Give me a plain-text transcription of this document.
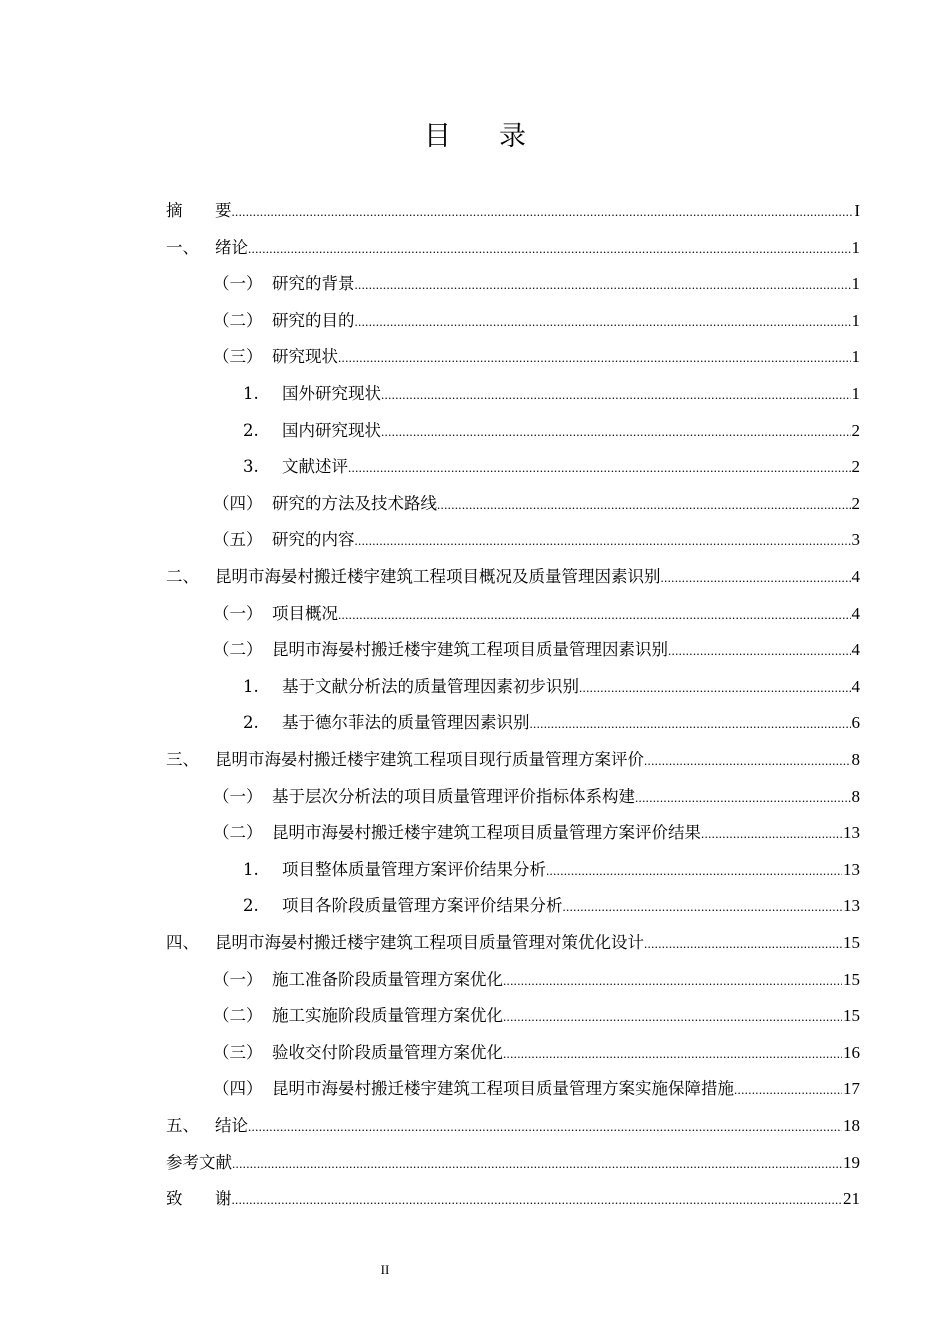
目 录
摘 要 .....	I
一、 绪论 .....	1
（一） 研究的背景 .....	1
（二） 研究的目的 .....	1
（三） 研究现状 .....	1
1. 国外研究现状 .....	1
2. 国内研究现状 .....	2
3. 文献述评 .....	2
（四） 研究的方法及技术路线 .....	2
（五） 研究的内容 .....	3
二、 昆明市海晏村搬迁楼宇建筑工程项目概况及质量管理因素识别 .....	4
（一） 项目概况 .....	4
（二） 昆明市海晏村搬迁楼宇建筑工程项目质量管理因素识别 .....	4
1. 基于文献分析法的质量管理因素初步识别 .....	4
2. 基于德尔菲法的质量管理因素识别 .....	6
三、 昆明市海晏村搬迁楼宇建筑工程项目现行质量管理方案评价 .....	8
（一） 基于层次分析法的项目质量管理评价指标体系构建 .....	8
（二） 昆明市海晏村搬迁楼宇建筑工程项目质量管理方案评价结果 .....	13
1. 项目整体质量管理方案评价结果分析 .....	13
2. 项目各阶段质量管理方案评价结果分析 .....	13
四、 昆明市海晏村搬迁楼宇建筑工程项目质量管理对策优化设计 .....	15
（一） 施工准备阶段质量管理方案优化 .....	15
（二） 施工实施阶段质量管理方案优化 .....	15
（三） 验收交付阶段质量管理方案优化 .....	16
（四） 昆明市海晏村搬迁楼宇建筑工程项目质量管理方案实施保障措施 .....	17
五、 结论 .....	18
参考文献 .....	19
致 谢 .....	21
II
